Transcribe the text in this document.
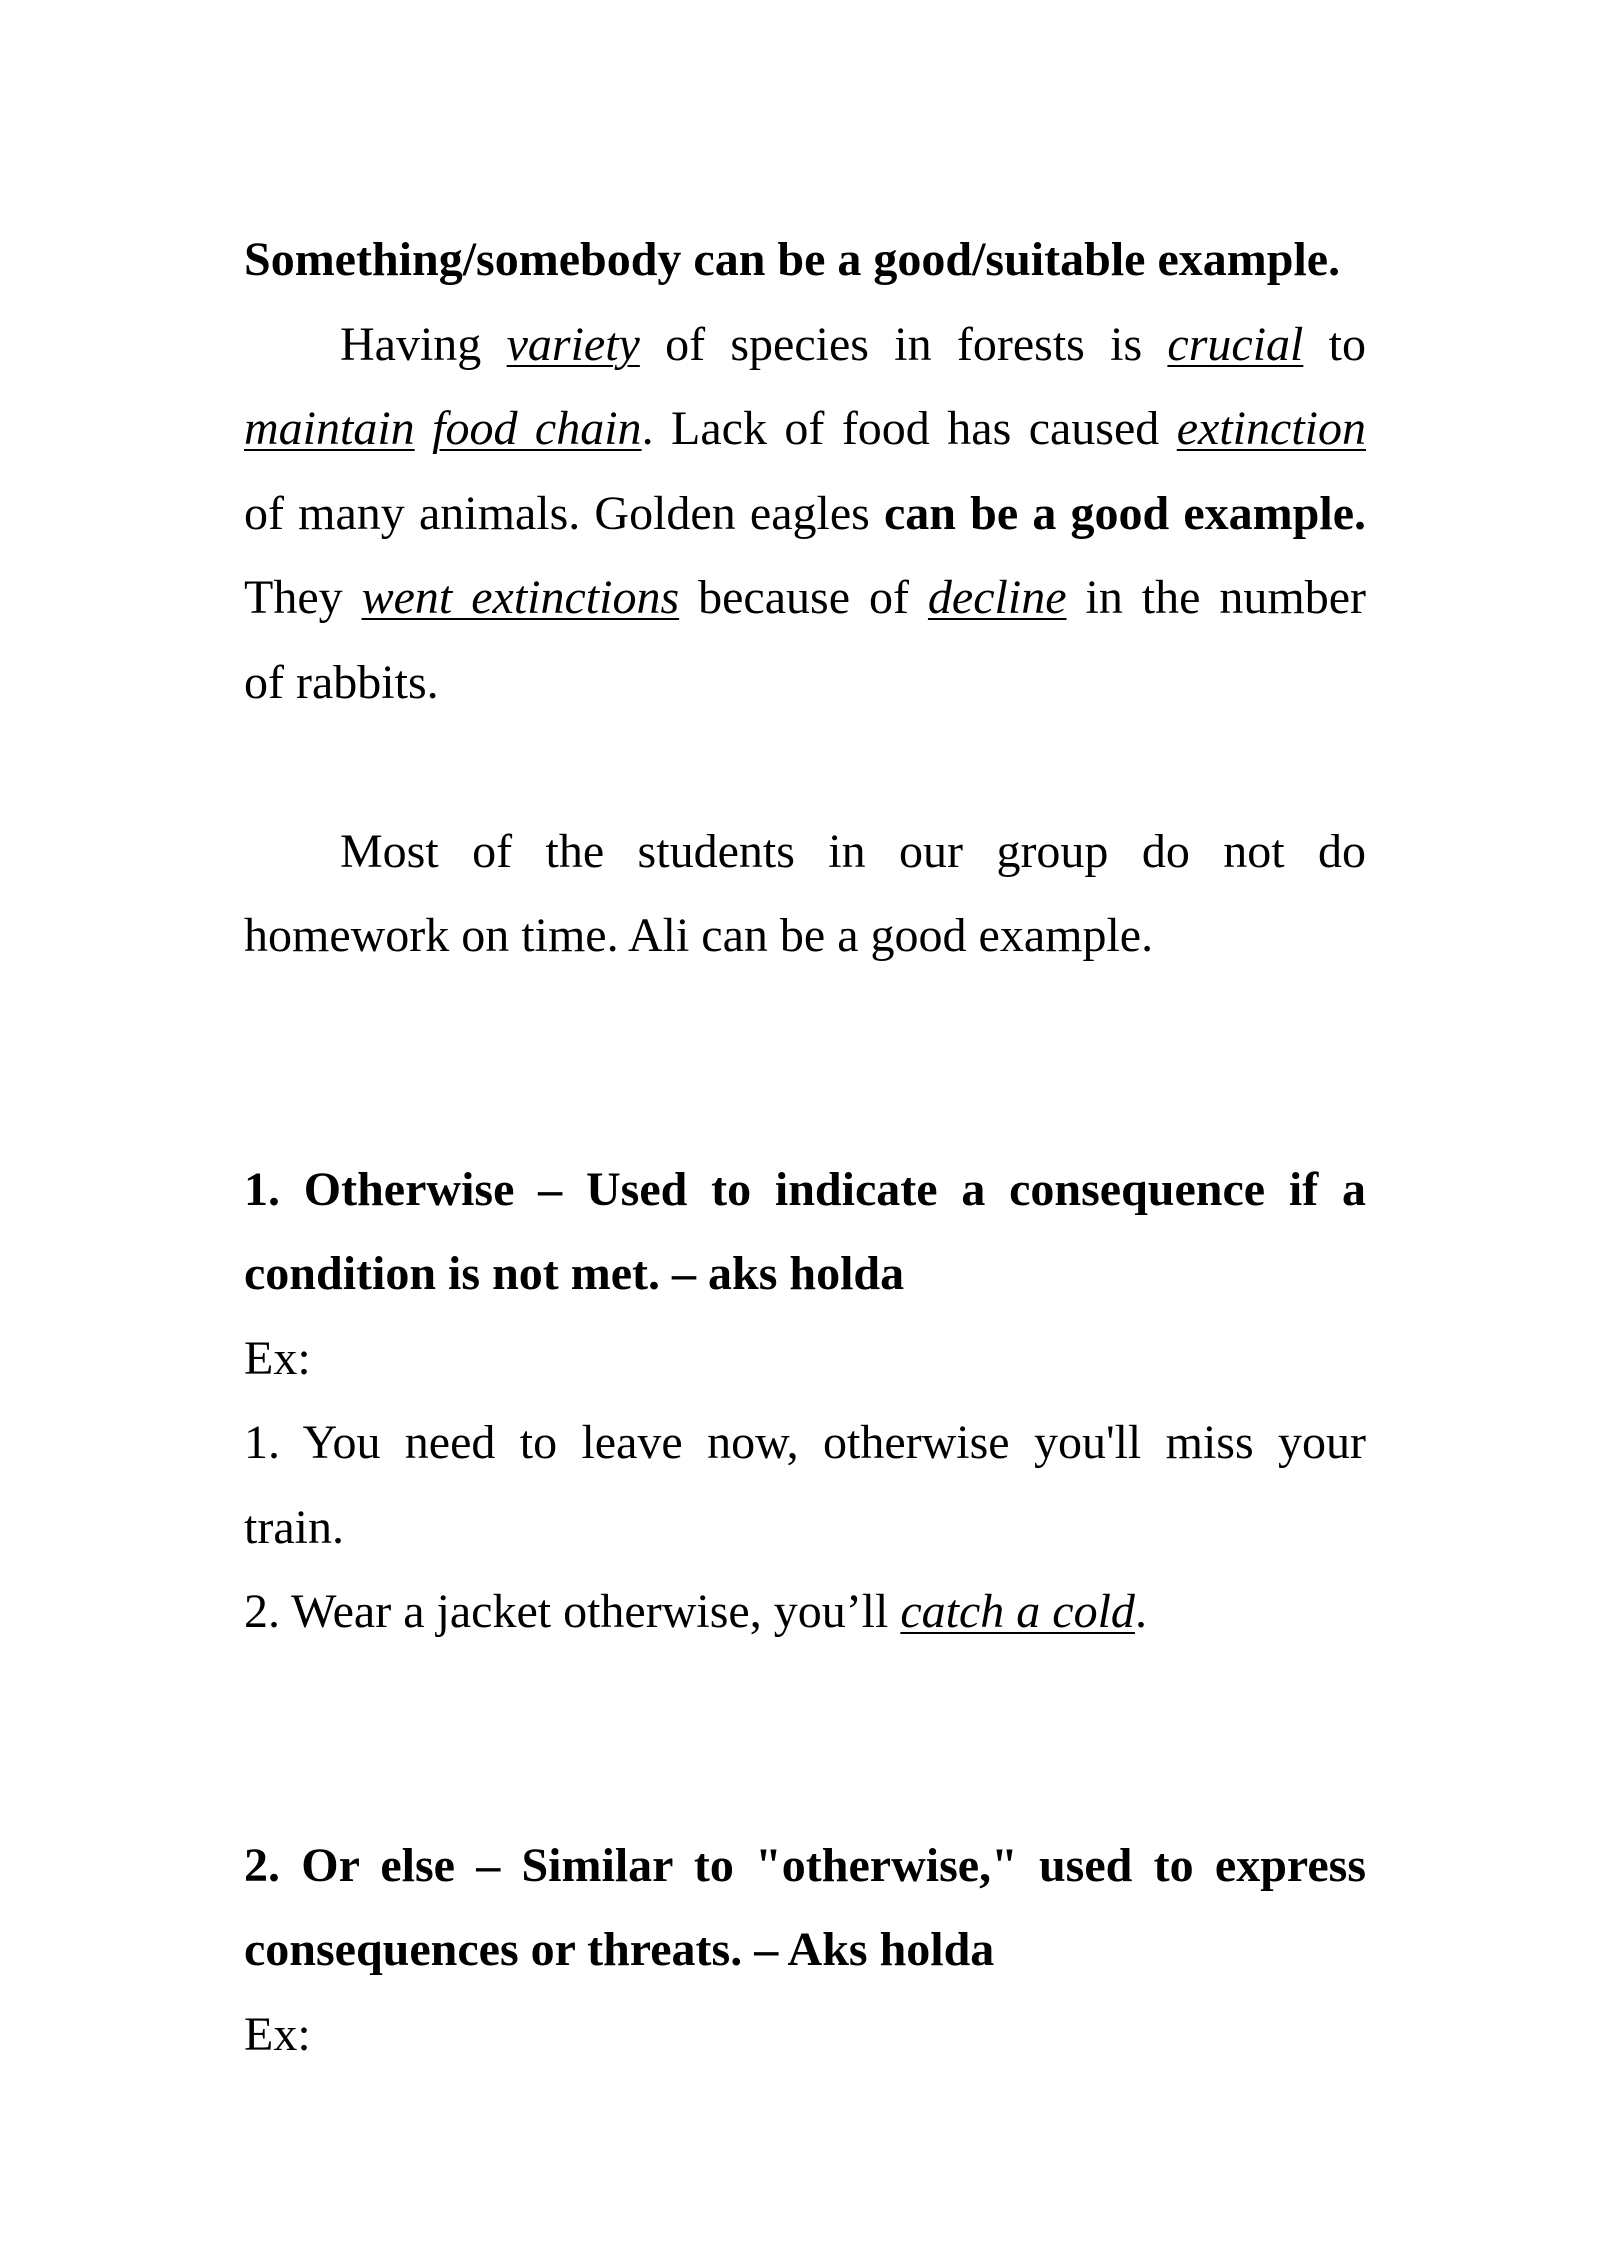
Something/somebody can be a good/suitable example.
Having variety of species in forests is crucial to
maintain food chain. Lack of food has caused extinction
of many animals. Golden eagles can be a good example.
They went extinctions because of decline in the number
of rabbits.
Most of the students in our group do not do
homework on time. Ali can be a good example.
1. Otherwise – Used to indicate a consequence if a
condition is not met. – aks holda
Ex:
1. You need to leave now, otherwise you'll miss your
train.
2. Wear a jacket otherwise, you’ll catch a cold.
2. Or else – Similar to "otherwise," used to express
consequences or threats. – Aks holda
Ex:
